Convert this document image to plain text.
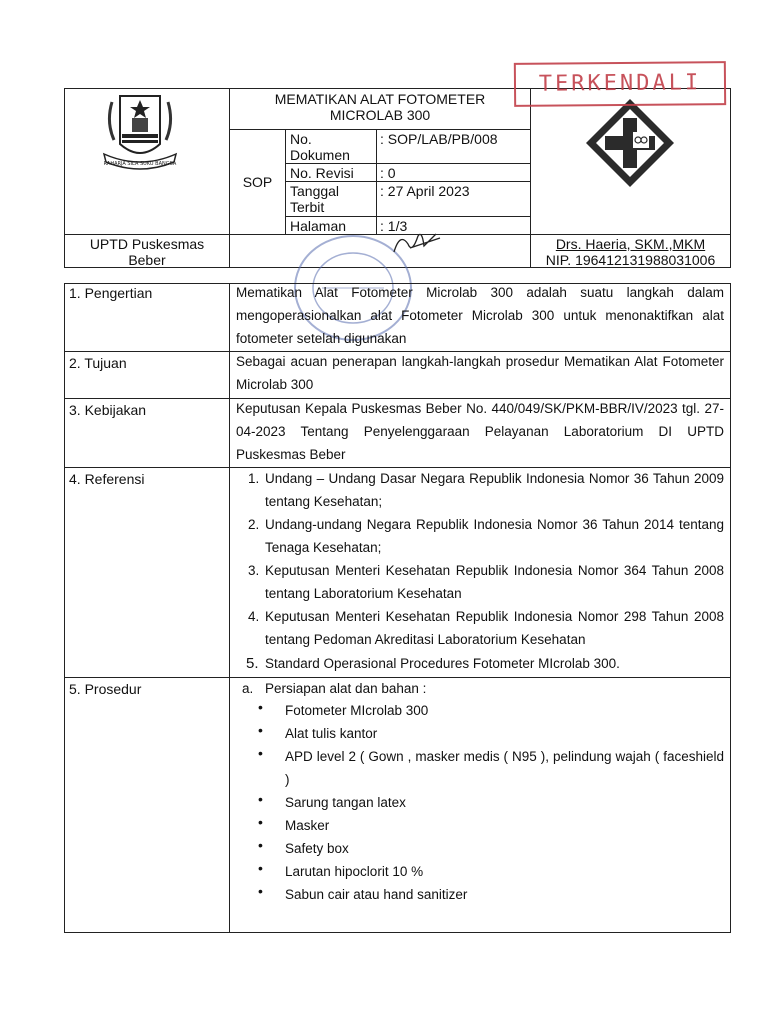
RAHARJA SILA SUKU BANGSA
MEMATIKAN ALAT FOTOMETER
MICROLAB 300
SOP
No. Dokumen
: SOP/LAB/PB/008
No. Revisi : 0
Tanggal Terbit
: 27 April 2023
Halaman : 1/3
TERKENDALI
UPTD Puskesmas
Beber
Drs. Haeria, SKM.,MKM
NIP. 196412131988031006
1. Pengertian	Mematikan Alat Fotometer Microlab 300 adalah suatu langkah dalam mengoperasionalkan alat Fotometer Microlab 300 untuk menonaktifkan alat fotometer setelah digunakan
2. Tujuan	Sebagai acuan penerapan langkah-langkah prosedur Mematikan Alat Fotometer Microlab 300
3. Kebijakan	Keputusan Kepala Puskesmas Beber No. 440/049/SK/PKM-BBR/IV/2023 tgl. 27-04-2023 Tentang Penyelenggaraan Pelayanan Laboratorium DI UPTD Puskesmas Beber
4. Referensi	1. Undang – Undang Dasar Negara Republik Indonesia Nomor 36 Tahun 2009 tentang Kesehatan;
2. Undang-undang Negara Republik Indonesia Nomor 36 Tahun 2014 tentang Tenaga Kesehatan;
3. Keputusan Menteri Kesehatan Republik Indonesia Nomor 364 Tahun 2008 tentang Laboratorium Kesehatan
4. Keputusan Menteri Kesehatan Republik Indonesia Nomor 298 Tahun 2008 tentang Pedoman Akreditasi Laboratorium Kesehatan
5. Standard Operasional Procedures Fotometer MIcrolab 300.
5. Prosedur	a. Persiapan alat dan bahan :
• Fotometer MIcrolab 300
• Alat tulis kantor
• APD level 2 ( Gown , masker medis ( N95 ), pelindung wajah ( faceshield )
• Sarung tangan latex
• Masker
• Safety box
• Larutan hipoclorit 10 %
• Sabun cair atau hand sanitizer
